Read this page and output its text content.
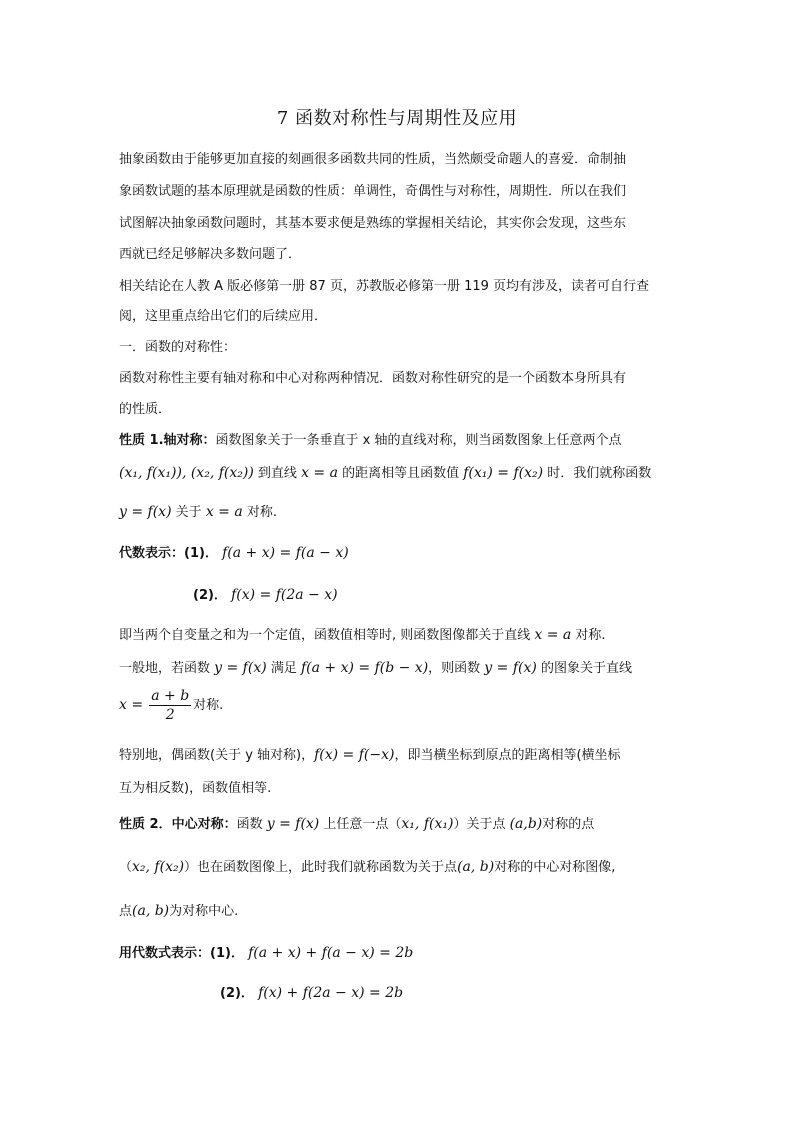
7 函数对称性与周期性及应用
抽象函数由于能够更加直接的刻画很多函数共同的性质，当然颇受命题人的喜爱．命制抽
象函数试题的基本原理就是函数的性质：单调性，奇偶性与对称性，周期性．所以在我们
试图解决抽象函数问题时，其基本要求便是熟练的掌握相关结论，其实你会发现，这些东
西就已经足够解决多数问题了．
相关结论在人教 A 版必修第一册 87 页，苏教版必修第一册 119 页均有涉及，读者可自行查
阅，这里重点给出它们的后续应用．
一．函数的对称性：
函数对称性主要有轴对称和中心对称两种情况．函数对称性研究的是一个函数本身所具有
的性质．
性质 1.轴对称：函数图象关于一条垂直于 x 轴的直线对称，则当函数图象上任意两个点
(x₁, f(x₁)), (x₂, f(x₂)) 到直线 x = a 的距离相等且函数值 f(x₁) = f(x₂) 时．我们就称函数
y = f(x) 关于 x = a 对称.
代数表示：(1)． f(a + x) = f(a − x)
(2)． f(x) = f(2a − x)
即当两个自变量之和为一个定值，函数值相等时, 则函数图像都关于直线 x = a 对称.
一般地，若函数 y = f(x) 满足 f(a + x) = f(b − x)，则函数 y = f(x) 的图象关于直线
$x = \frac{a + b}{2}$ 对称.
特别地，偶函数(关于 y 轴对称)，f(x) = f(−x)，即当横坐标到原点的距离相等(横坐标
互为相反数)，函数值相等.
性质 2．中心对称：函数 y = f(x) 上任意一点（x₁, f(x₁)）关于点 (a,b)对称的点
（x₂, f(x₂)）也在函数图像上，此时我们就称函数为关于点(a, b)对称的中心对称图像,
点(a, b)为对称中心.
用代数式表示：(1)． f(a + x) + f(a − x) = 2b
(2)． f(x) + f(2a − x) = 2b
